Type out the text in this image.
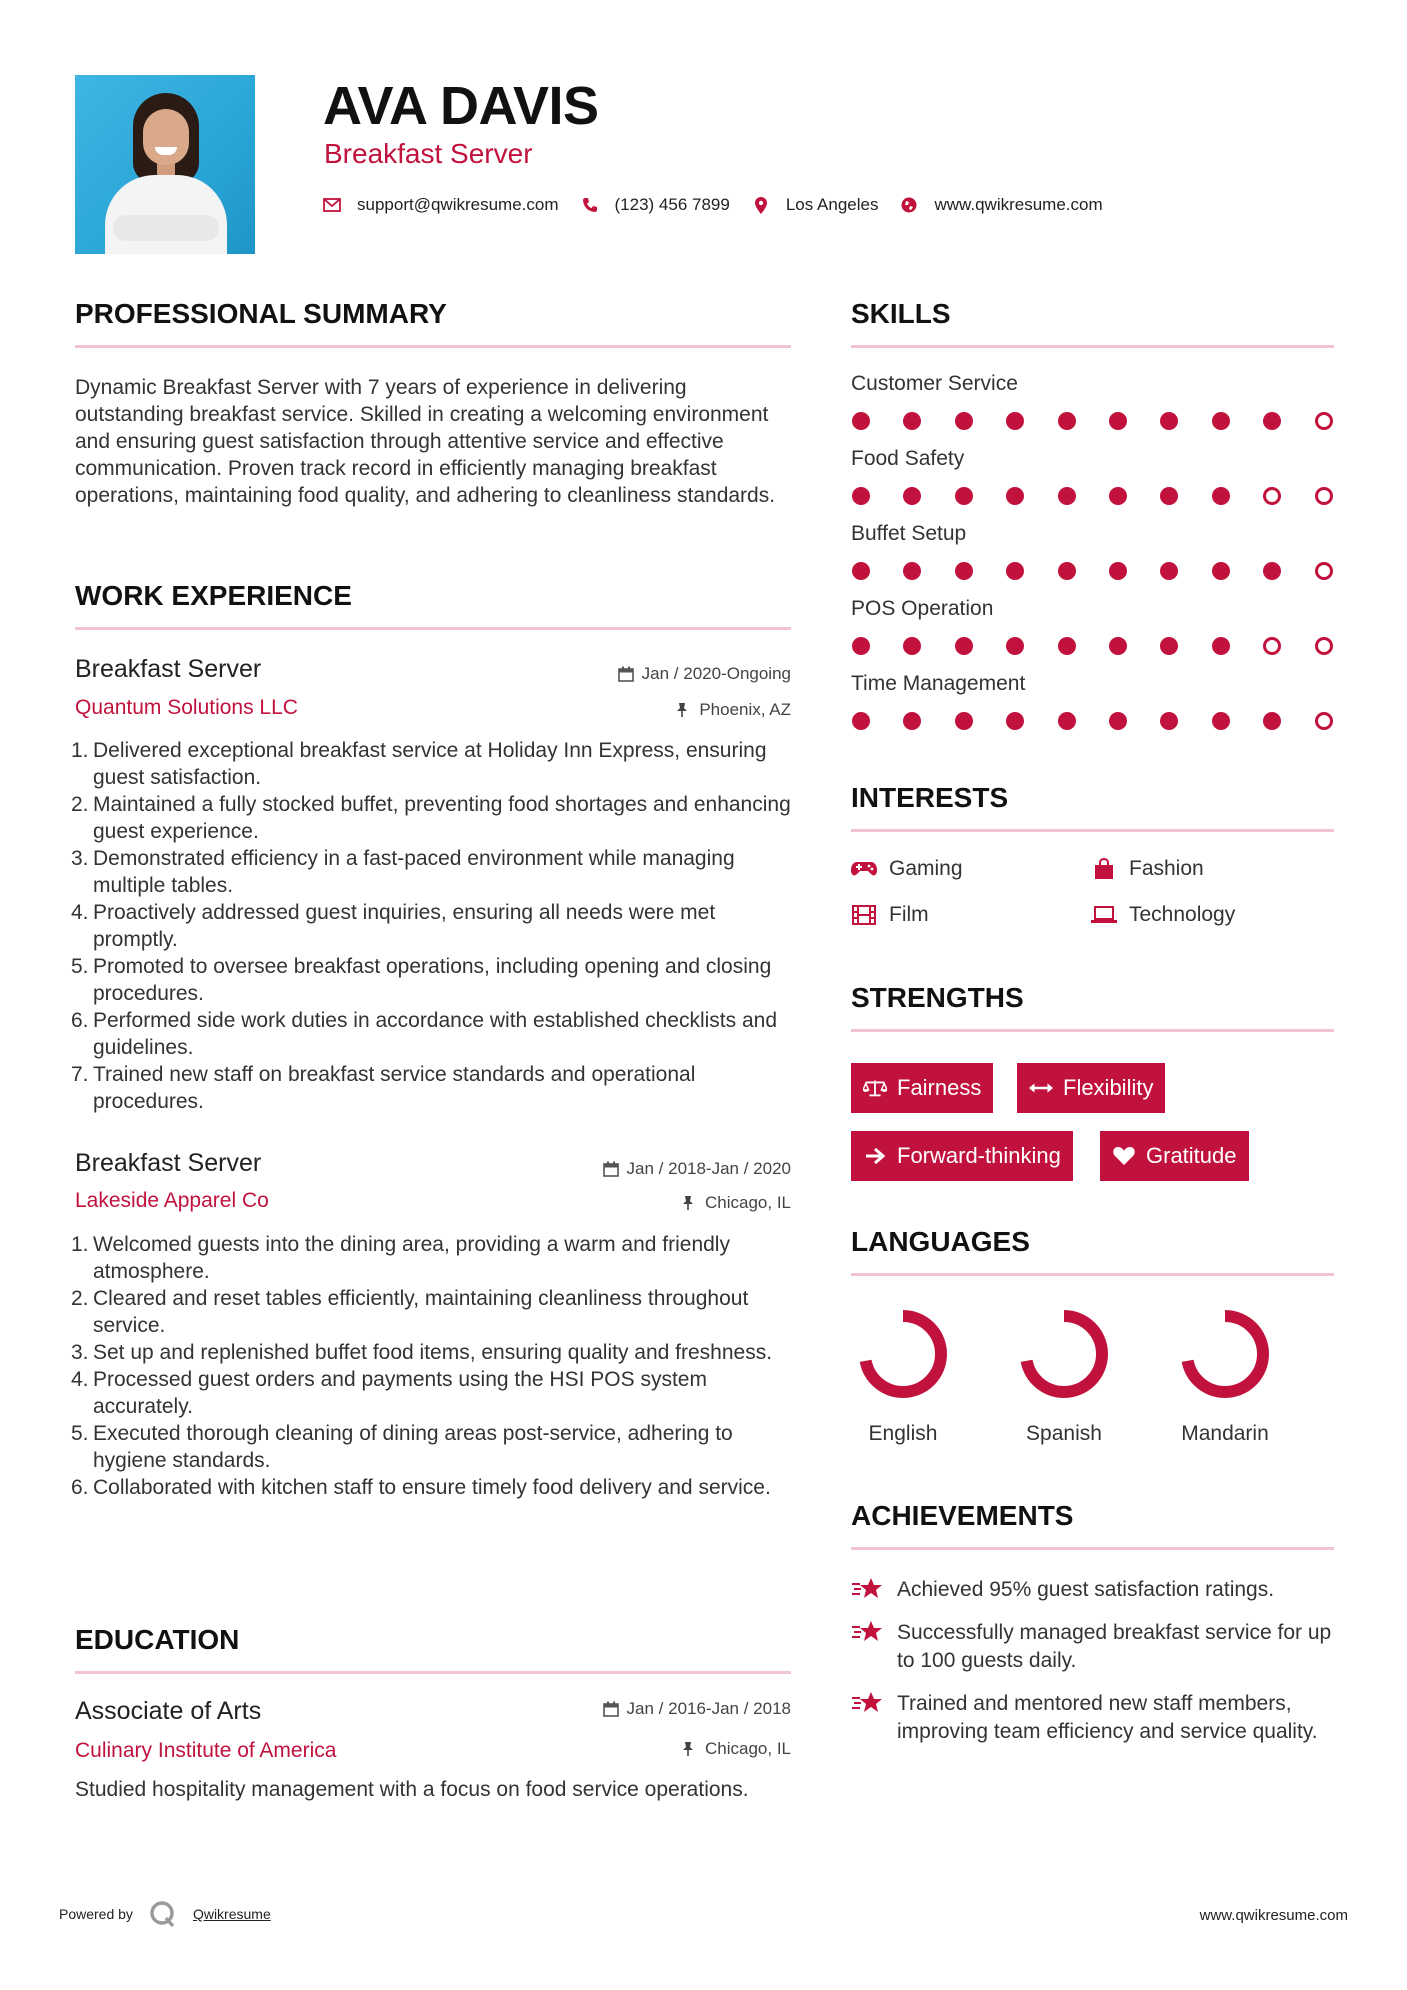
AVA DAVIS
Breakfast Server
support@qwikresume.com	(123) 456 7899	Los Angeles	www.qwikresume.com
PROFESSIONAL SUMMARY
Dynamic Breakfast Server with 7 years of experience in delivering outstanding breakfast service. Skilled in creating a welcoming environment and ensuring guest satisfaction through attentive service and effective communication. Proven track record in efficiently managing breakfast operations, maintaining food quality, and adhering to cleanliness standards.
WORK EXPERIENCE
Breakfast Server	Jan / 2020-Ongoing
Quantum Solutions LLC	Phoenix, AZ
1. Delivered exceptional breakfast service at Holiday Inn Express, ensuring guest satisfaction.
2. Maintained a fully stocked buffet, preventing food shortages and enhancing guest experience.
3. Demonstrated efficiency in a fast-paced environment while managing multiple tables.
4. Proactively addressed guest inquiries, ensuring all needs were met promptly.
5. Promoted to oversee breakfast operations, including opening and closing procedures.
6. Performed side work duties in accordance with established checklists and guidelines.
7. Trained new staff on breakfast service standards and operational procedures.
Breakfast Server	Jan / 2018-Jan / 2020
Lakeside Apparel Co	Chicago, IL
1. Welcomed guests into the dining area, providing a warm and friendly atmosphere.
2. Cleared and reset tables efficiently, maintaining cleanliness throughout service.
3. Set up and replenished buffet food items, ensuring quality and freshness.
4. Processed guest orders and payments using the HSI POS system accurately.
5. Executed thorough cleaning of dining areas post-service, adhering to hygiene standards.
6. Collaborated with kitchen staff to ensure timely food delivery and service.
EDUCATION
Associate of Arts	Jan / 2016-Jan / 2018
Culinary Institute of America	Chicago, IL
Studied hospitality management with a focus on food service operations.
SKILLS
Customer Service
Food Safety
Buffet Setup
POS Operation
Time Management
INTERESTS
Gaming	Fashion
Film	Technology
STRENGTHS
Fairness	Flexibility
Forward-thinking	Gratitude
LANGUAGES
English	Spanish	Mandarin
ACHIEVEMENTS
Achieved 95% guest satisfaction ratings.
Successfully managed breakfast service for up to 100 guests daily.
Trained and mentored new staff members, improving team efficiency and service quality.
Powered by	Qwikresume	www.qwikresume.com
